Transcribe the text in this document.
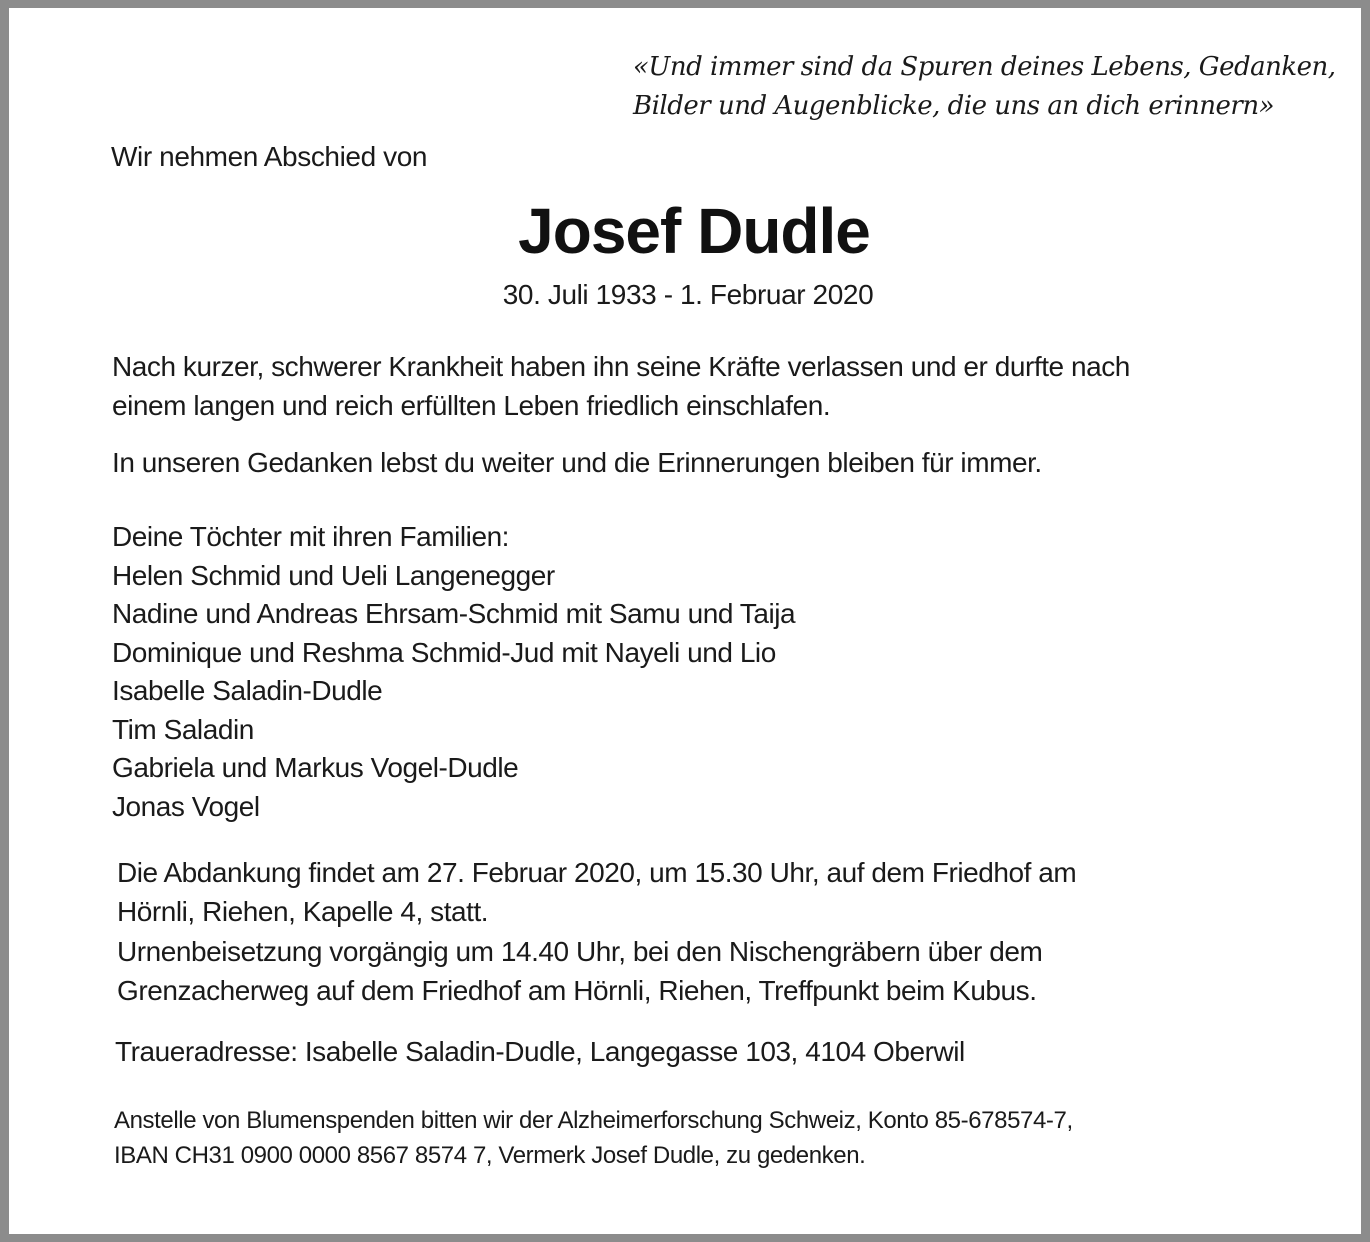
«Und immer sind da Spuren deines Lebens, Gedanken,
Bilder und Augenblicke, die uns an dich erinnern»
Wir nehmen Abschied von
Josef Dudle
30. Juli 1933 - 1. Februar 2020
Nach kurzer, schwerer Krankheit haben ihn seine Kräfte verlassen und er durfte nach
einem langen und reich erfüllten Leben friedlich einschlafen.
In unseren Gedanken lebst du weiter und die Erinnerungen bleiben für immer.
Deine Töchter mit ihren Familien:
Helen Schmid und Ueli Langenegger
Nadine und Andreas Ehrsam-Schmid mit Samu und Taija
Dominique und Reshma Schmid-Jud mit Nayeli und Lio
Isabelle Saladin-Dudle
Tim Saladin
Gabriela und Markus Vogel-Dudle
Jonas Vogel
Die Abdankung findet am 27. Februar 2020, um 15.30 Uhr, auf dem Friedhof am
Hörnli, Riehen, Kapelle 4, statt.
Urnenbeisetzung vorgängig um 14.40 Uhr, bei den Nischengräbern über dem
Grenzacherweg auf dem Friedhof am Hörnli, Riehen, Treffpunkt beim Kubus.
Traueradresse: Isabelle Saladin-Dudle, Langegasse 103, 4104 Oberwil
Anstelle von Blumenspenden bitten wir der Alzheimerforschung Schweiz, Konto 85-678574-7,
IBAN CH31 0900 0000 8567 8574 7, Vermerk Josef Dudle, zu gedenken.
